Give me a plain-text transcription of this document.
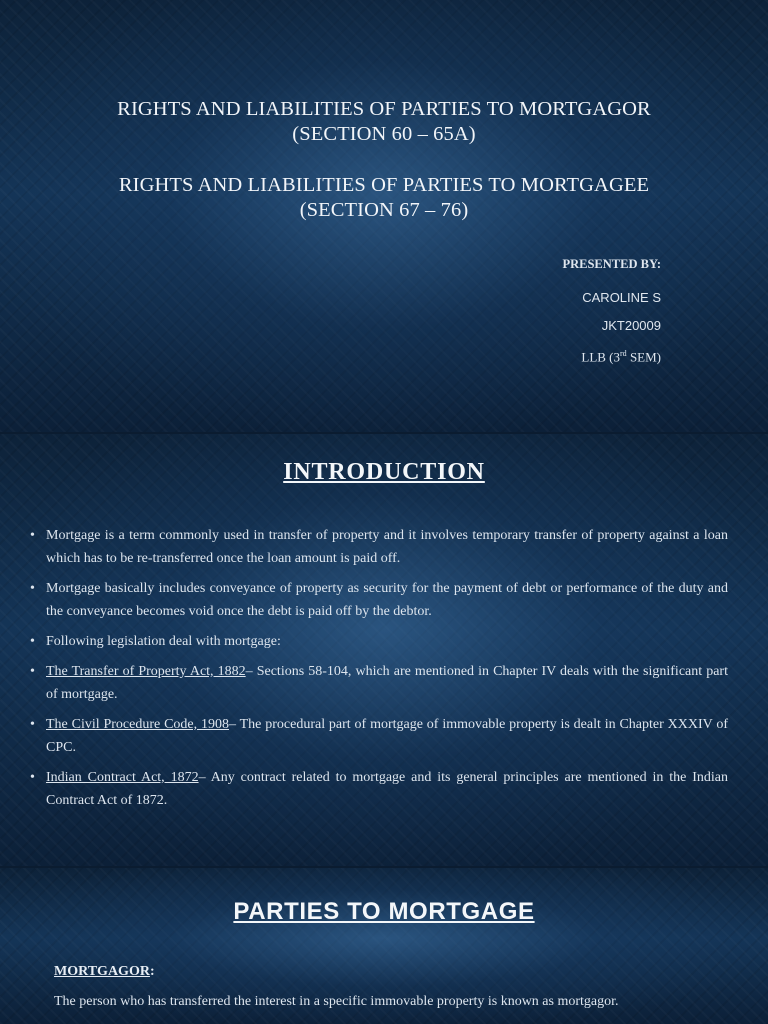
RIGHTS AND LIABILITIES OF PARTIES TO MORTGAGOR
(SECTION 60 – 65A)
RIGHTS AND LIABILITIES OF PARTIES TO MORTGAGEE
(SECTION 67 – 76)
PRESENTED BY:
CAROLINE S
JKT20009
LLB (3rd SEM)
INTRODUCTION
• Mortgage is a term commonly used in transfer of property and it involves temporary transfer of property against a loan which has to be re-transferred once the loan amount is paid off.
• Mortgage basically includes conveyance of property as security for the payment of debt or performance of the duty and the conveyance becomes void once the debt is paid off by the debtor.
• Following legislation deal with mortgage:
• The Transfer of Property Act, 1882– Sections 58-104, which are mentioned in Chapter IV deals with the significant part of mortgage.
• The Civil Procedure Code, 1908– The procedural part of mortgage of immovable property is dealt in Chapter XXXIV of CPC.
• Indian Contract Act, 1872– Any contract related to mortgage and its general principles are mentioned in the Indian Contract Act of 1872.
PARTIES TO MORTGAGE
MORTGAGOR:
The person who has transferred the interest in a specific immovable property is known as mortgagor.
